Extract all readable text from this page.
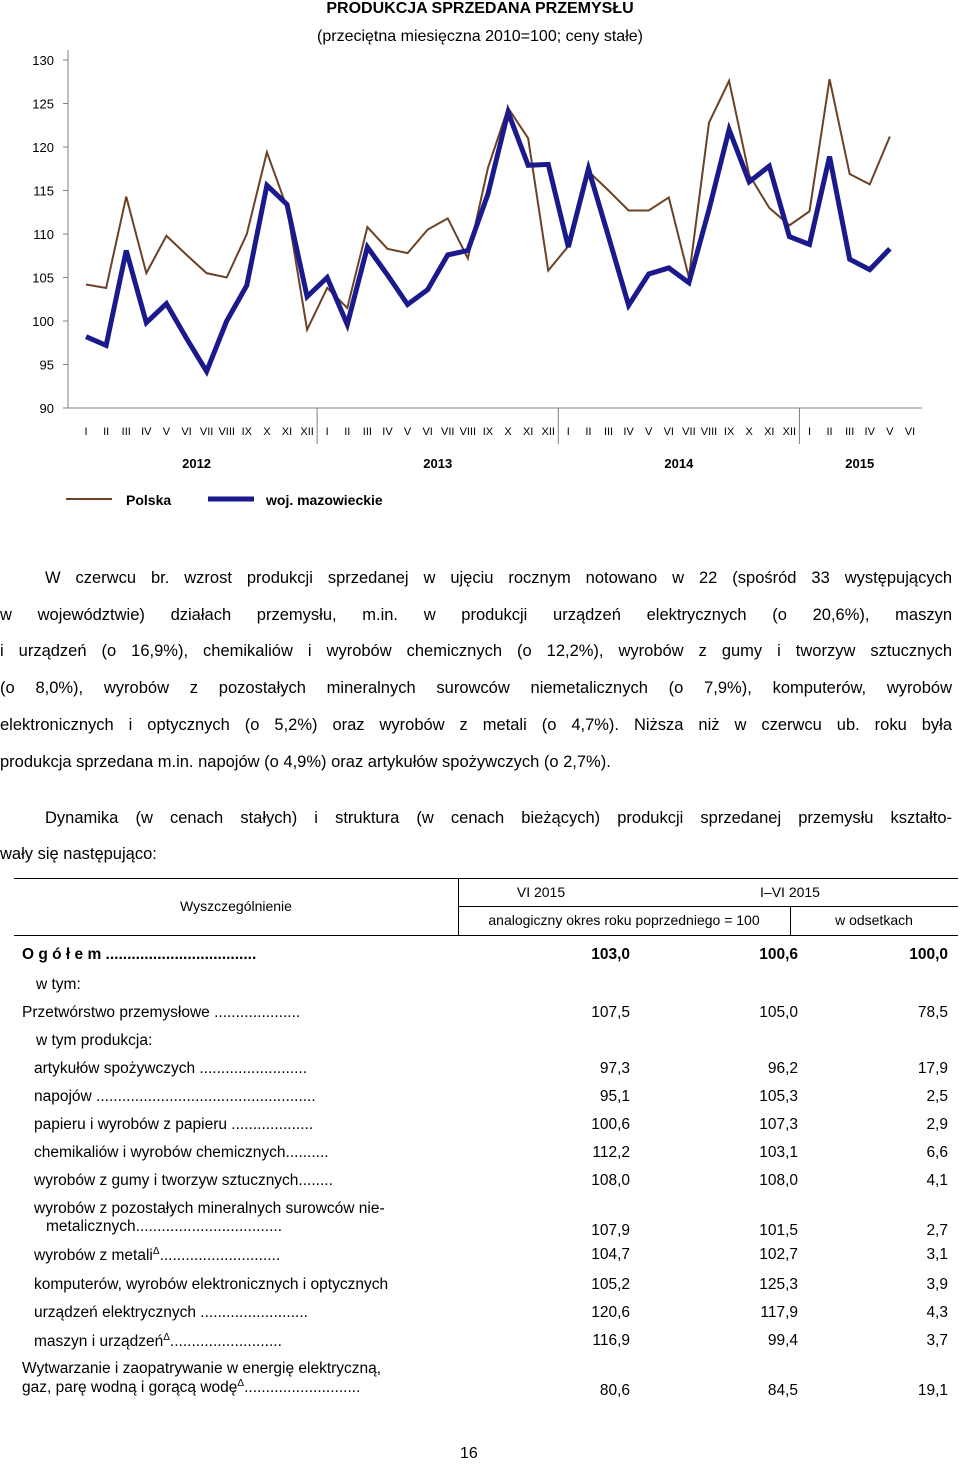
PRODUKCJA SPRZEDANA PRZEMYSŁU
(przeciętna miesięczna 2010=100; ceny stałe)
90
95
100
105
110
115
120
125
130
I II III IV V VI VII VIII IX X XI XII I II III IV V VI VII VIII IX X XI XII I II III IV V VI VII VIII IX X XI XII I II III IV V VI
2012	2013	2014	2015
Polska	woj. mazowieckie
W czerwcu br. wzrost produkcji sprzedanej w ujęciu rocznym notowano w 22 (spośród 33 występujących
w województwie) działach przemysłu, m.in. w produkcji urządzeń elektrycznych (o 20,6%), maszyn
i urządzeń (o 16,9%), chemikaliów i wyrobów chemicznych (o 12,2%), wyrobów z gumy i tworzyw sztucznych
(o 8,0%), wyrobów z pozostałych mineralnych surowców niemetalicznych (o 7,9%), komputerów, wyrobów
elektronicznych i optycznych (o 5,2%) oraz wyrobów z metali (o 4,7%). Niższa niż w czerwcu ub. roku była
produkcja sprzedana m.in. napojów (o 4,9%) oraz artykułów spożywczych (o 2,7%).
Dynamika (w cenach stałych) i struktura (w cenach bieżących) produkcji sprzedanej przemysłu kształto-
wały się następująco:
Wyszczególnienie
VI 2015	I–VI 2015
analogiczny okres roku poprzedniego = 100	w odsetkach
O g ó ł e m ...................................	103,0	100,6	100,0
w tym:
Przetwórstwo przemysłowe ....................	107,5	105,0	78,5
w tym produkcja:
artykułów spożywczych .........................	97,3	96,2	17,9
napojów ...................................................	95,1	105,3	2,5
papieru i wyrobów z papieru ...................	100,6	107,3	2,9
chemikaliów i wyrobów chemicznych..........	112,2	103,1	6,6
wyrobów z gumy i tworzyw sztucznych........	108,0	108,0	4,1
wyrobów z pozostałych mineralnych surowców nie-
metalicznych..................................	107,9	101,5	2,7
wyrobów z metali$^\Delta$............................	104,7	102,7	3,1
komputerów, wyrobów elektronicznych i optycznych	105,2	125,3	3,9
urządzeń elektrycznych .........................	120,6	117,9	4,3
maszyn i urządzeń$^\Delta$..........................	116,9	99,4	3,7
Wytwarzanie i zaopatrywanie w energię elektryczną,
gaz, parę wodną i gorącą wodę$^\Delta$...........................	80,6	84,5	19,1
16
